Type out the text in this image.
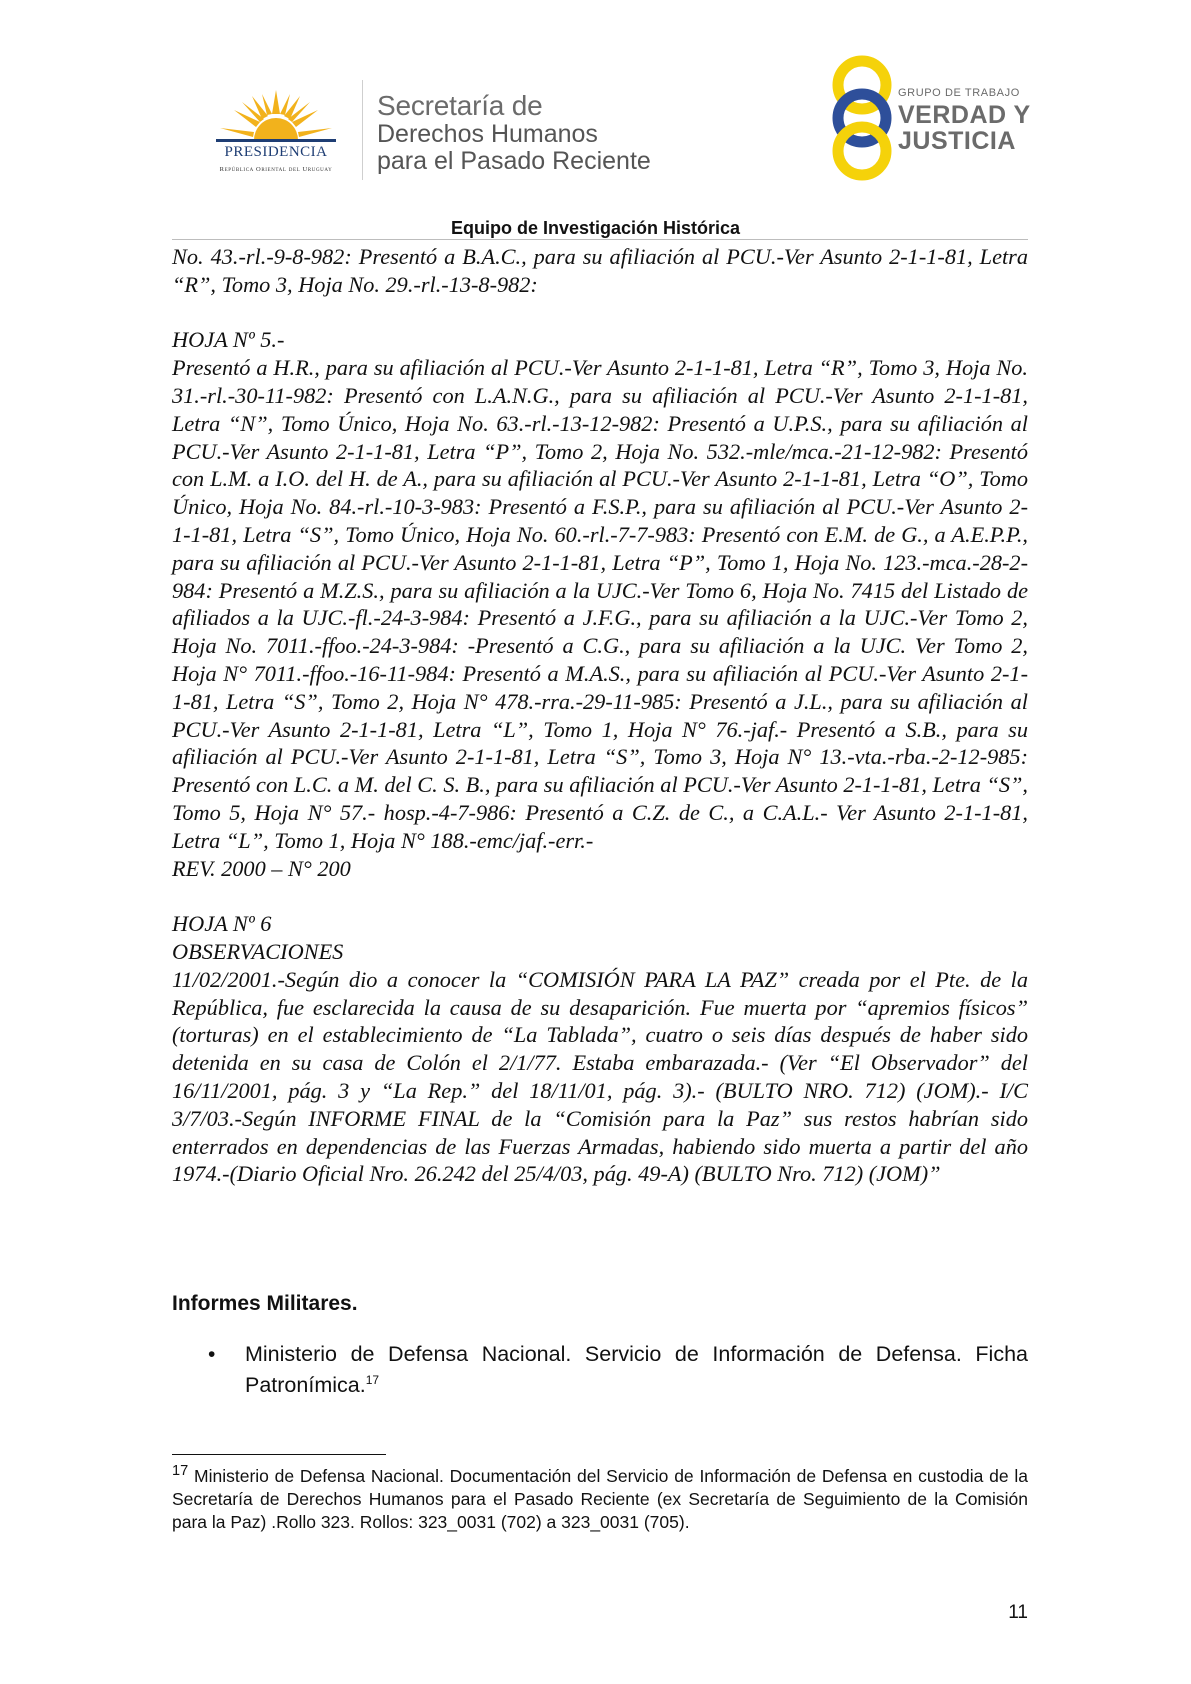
PRESIDENCIA
República Oriental del Uruguay
Secretaría de
Derechos Humanos
para el Pasado Reciente
GRUPO DE TRABAJO
VERDAD Y
JUSTICIA
Equipo de Investigación Histórica

No. 43.-rl.-9-8-982: Presentó a B.A.C., para su afiliación al PCU.-Ver Asunto 2-1-1-81, Letra “R”, Tomo 3, Hoja No. 29.-rl.-13-8-982:

HOJA Nº 5.-

Presentó a H.R., para su afiliación al PCU.-Ver Asunto 2-1-1-81, Letra “R”, Tomo 3, Hoja No. 31.-rl.-30-11-982: Presentó con L.A.N.G., para su afiliación al PCU.-Ver Asunto 2-1-1-81, Letra “N”, Tomo Único, Hoja No. 63.-rl.-13-12-982: Presentó a U.P.S., para su afiliación al PCU.-Ver Asunto 2-1-1-81, Letra “P”, Tomo 2, Hoja No. 532.-mle/mca.-21-12-982: Presentó con L.M. a I.O. del H. de A., para su afiliación al PCU.-Ver Asunto 2-1-1-81, Letra “O”, Tomo Único, Hoja No. 84.-rl.-10-3-983: Presentó a F.S.P., para su afiliación al PCU.-Ver Asunto 2-1-1-81, Letra “S”, Tomo Único, Hoja No. 60.-rl.-7-7-983: Presentó con E.M. de G., a A.E.P.P., para su afiliación al PCU.-Ver Asunto 2-1-1-81, Letra “P”, Tomo 1, Hoja No. 123.-mca.-28-2-984: Presentó a M.Z.S., para su afiliación a la UJC.-Ver Tomo 6, Hoja No. 7415 del Listado de afiliados a la UJC.-fl.-24-3-984: Presentó a J.F.G., para su afiliación a la UJC.-Ver Tomo 2, Hoja No. 7011.-ffoo.-24-3-984: -Presentó a C.G., para su afiliación a la UJC. Ver Tomo 2, Hoja N° 7011.-ffoo.-16-11-984: Presentó a M.A.S., para su afiliación al PCU.-Ver Asunto 2-1-1-81, Letra “S”, Tomo 2, Hoja N° 478.-rra.-29-11-985: Presentó a J.L., para su afiliación al PCU.-Ver Asunto 2-1-1-81, Letra “L”, Tomo 1, Hoja N° 76.-jaf.- Presentó a S.B., para su afiliación al PCU.-Ver Asunto 2-1-1-81, Letra “S”, Tomo 3, Hoja N° 13.-vta.-rba.-2-12-985: Presentó con L.C. a M. del C. S. B., para su afiliación al PCU.-Ver Asunto 2-1-1-81, Letra “S”, Tomo 5, Hoja N° 57.- hosp.-4-7-986: Presentó a C.Z. de C., a C.A.L.- Ver Asunto 2-1-1-81, Letra “L”, Tomo 1, Hoja N° 188.-emc/jaf.-err.-

REV. 2000 – N° 200

HOJA Nº 6

OBSERVACIONES

11/02/2001.-Según dio a conocer la “COMISIÓN PARA LA PAZ” creada por el Pte. de la República, fue esclarecida la causa de su desaparición. Fue muerta por “apremios físicos” (torturas) en el establecimiento de “La Tablada”, cuatro o seis días después de haber sido detenida en su casa de Colón el 2/1/77. Estaba embarazada.- (Ver “El Observador” del 16/11/2001, pág. 3 y “La Rep.” del 18/11/01, pág. 3).- (BULTO NRO. 712) (JOM).- I/C 3/7/03.-Según INFORME FINAL de la “Comisión para la Paz” sus restos habrían sido enterrados en dependencias de las Fuerzas Armadas, habiendo sido muerta a partir del año 1974.-(Diario Oficial Nro. 26.242 del 25/4/03, pág. 49-A) (BULTO Nro. 712) (JOM)”

Informes Militares.
• Ministerio de Defensa Nacional. Servicio de Información de Defensa. Ficha Patronímica.$^{17}$
$^{17}$ Ministerio de Defensa Nacional. Documentación del Servicio de Información de Defensa en custodia de la Secretaría de Derechos Humanos para el Pasado Reciente (ex Secretaría de Seguimiento de la Comisión para la Paz) .Rollo 323. Rollos: 323_0031 (702) a 323_0031 (705).
11
